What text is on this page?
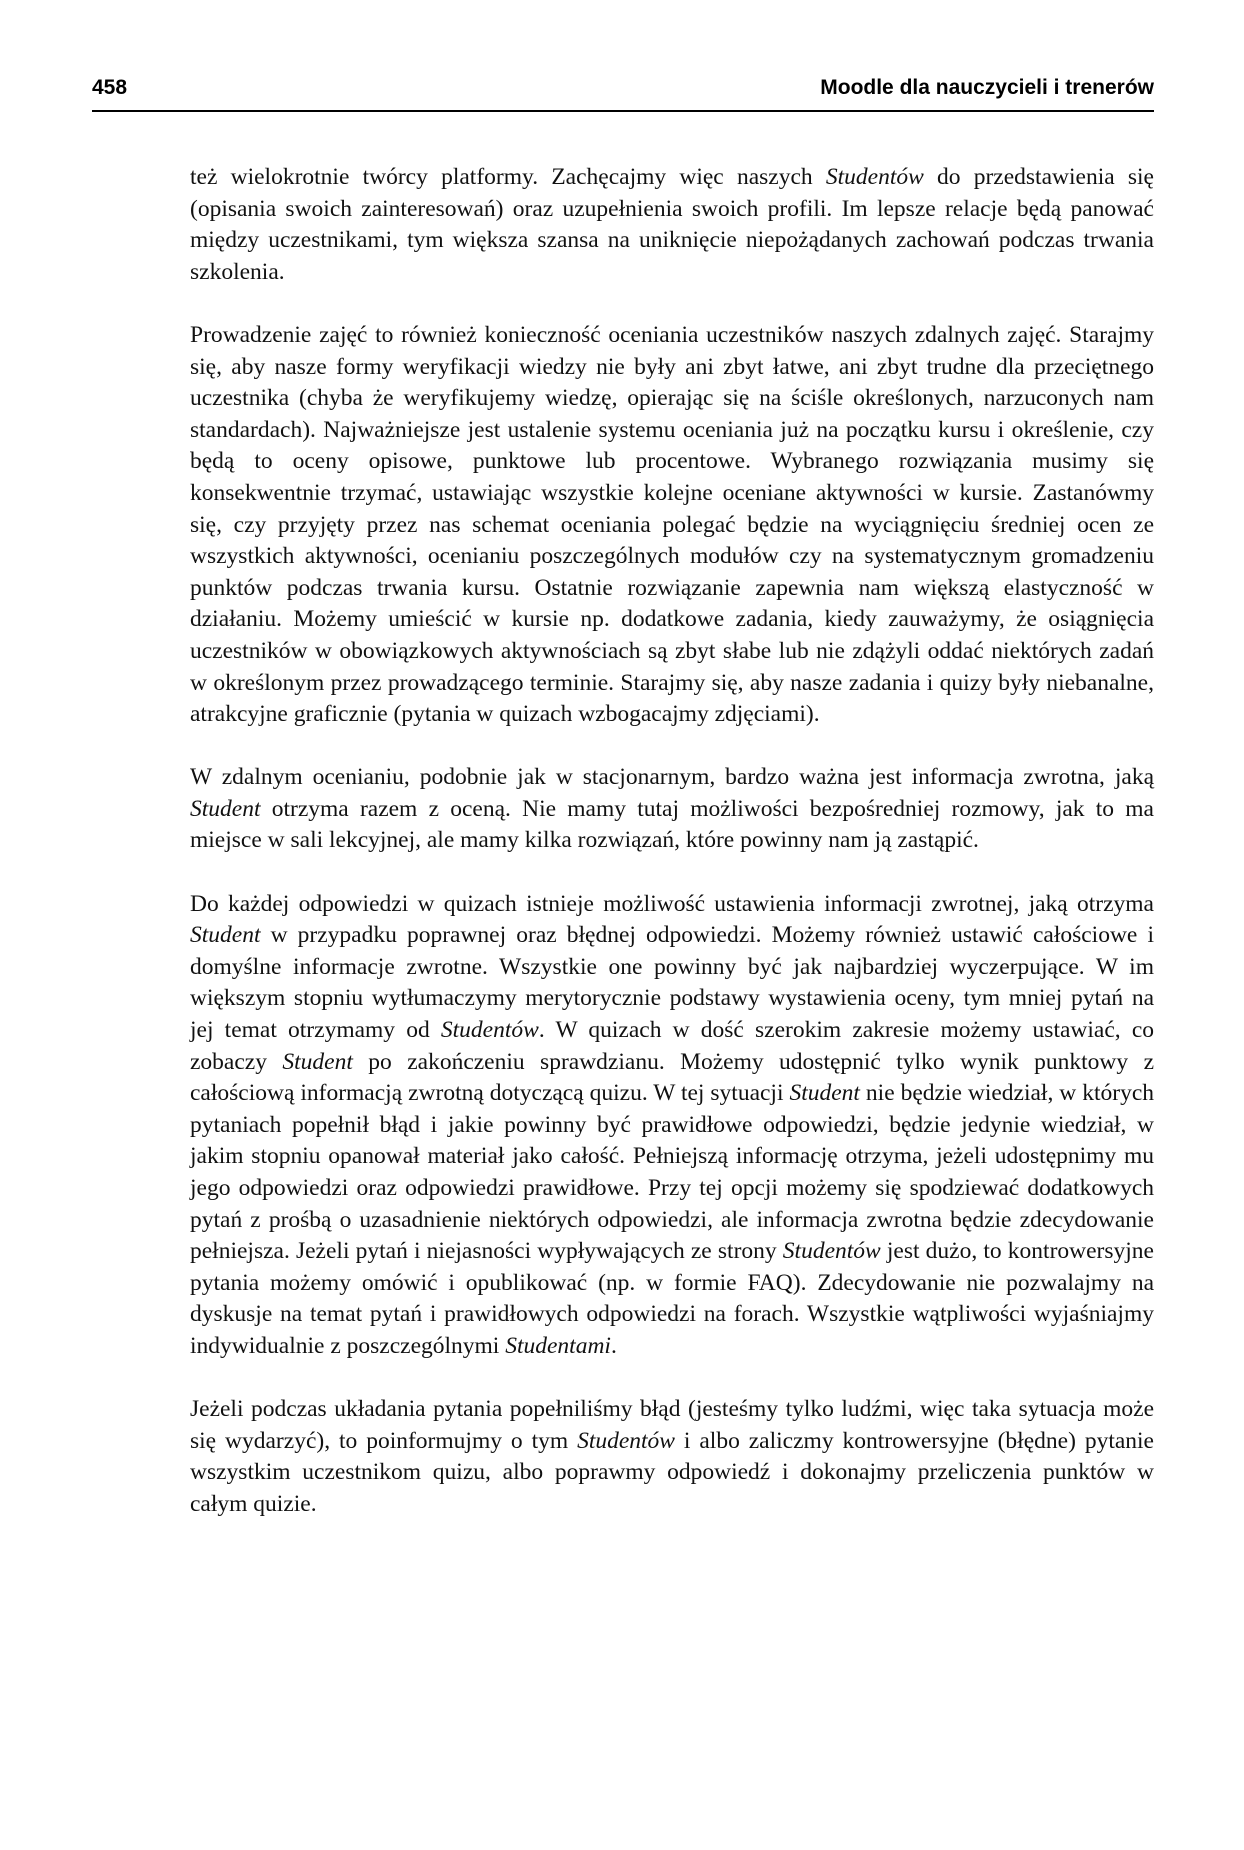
458	Moodle dla nauczycieli i trenerów

też wielokrotnie twórcy platformy. Zachęcajmy więc naszych Studentów do przedstawienia się (opisania swoich zainteresowań) oraz uzupełnienia swoich profili. Im lepsze relacje będą panować między uczestnikami, tym większa szansa na uniknięcie niepożądanych zachowań podczas trwania szkolenia.

Prowadzenie zajęć to również konieczność oceniania uczestników naszych zdalnych zajęć. Starajmy się, aby nasze formy weryfikacji wiedzy nie były ani zbyt łatwe, ani zbyt trudne dla przeciętnego uczestnika (chyba że weryfikujemy wiedzę, opierając się na ściśle określonych, narzuconych nam standardach). Najważniejsze jest ustalenie systemu oceniania już na początku kursu i określenie, czy będą to oceny opisowe, punktowe lub procentowe. Wybranego rozwiązania musimy się konsekwentnie trzymać, ustawiając wszystkie kolejne oceniane aktywności w kursie. Zastanówmy się, czy przyjęty przez nas schemat oceniania polegać będzie na wyciągnięciu średniej ocen ze wszystkich aktywności, ocenianiu poszczególnych modułów czy na systematycznym gromadzeniu punktów podczas trwania kursu. Ostatnie rozwiązanie zapewnia nam większą elastyczność w działaniu. Możemy umieścić w kursie np. dodatkowe zadania, kiedy zauważymy, że osiągnięcia uczestników w obowiązkowych aktywnościach są zbyt słabe lub nie zdążyli oddać niektórych zadań w określonym przez prowadzącego terminie. Starajmy się, aby nasze zadania i quizy były niebanalne, atrakcyjne graficznie (pytania w quizach wzbogacajmy zdjęciami).

W zdalnym ocenianiu, podobnie jak w stacjonarnym, bardzo ważna jest informacja zwrotna, jaką Student otrzyma razem z oceną. Nie mamy tutaj możliwości bezpośredniej rozmowy, jak to ma miejsce w sali lekcyjnej, ale mamy kilka rozwiązań, które powinny nam ją zastąpić.

Do każdej odpowiedzi w quizach istnieje możliwość ustawienia informacji zwrotnej, jaką otrzyma Student w przypadku poprawnej oraz błędnej odpowiedzi. Możemy również ustawić całościowe i domyślne informacje zwrotne. Wszystkie one powinny być jak najbardziej wyczerpujące. W im większym stopniu wytłumaczymy merytorycznie podstawy wystawienia oceny, tym mniej pytań na jej temat otrzymamy od Studentów. W quizach w dość szerokim zakresie możemy ustawiać, co zobaczy Student po zakończeniu sprawdzianu. Możemy udostępnić tylko wynik punktowy z całościową informacją zwrotną dotyczącą quizu. W tej sytuacji Student nie będzie wiedział, w których pytaniach popełnił błąd i jakie powinny być prawidłowe odpowiedzi, będzie jedynie wiedział, w jakim stopniu opanował materiał jako całość. Pełniejszą informację otrzyma, jeżeli udostępnimy mu jego odpowiedzi oraz odpowiedzi prawidłowe. Przy tej opcji możemy się spodziewać dodatkowych pytań z prośbą o uzasadnienie niektórych odpowiedzi, ale informacja zwrotna będzie zdecydowanie pełniejsza. Jeżeli pytań i niejasności wypływających ze strony Studentów jest dużo, to kontrowersyjne pytania możemy omówić i opublikować (np. w formie FAQ). Zdecydowanie nie pozwalajmy na dyskusje na temat pytań i prawidłowych odpowiedzi na forach. Wszystkie wątpliwości wyjaśniajmy indywidualnie z poszczególnymi Studentami.

Jeżeli podczas układania pytania popełniliśmy błąd (jesteśmy tylko ludźmi, więc taka sytuacja może się wydarzyć), to poinformujmy o tym Studentów i albo zaliczmy kontrowersyjne (błędne) pytanie wszystkim uczestnikom quizu, albo poprawmy odpowiedź i dokonajmy przeliczenia punktów w całym quizie.
